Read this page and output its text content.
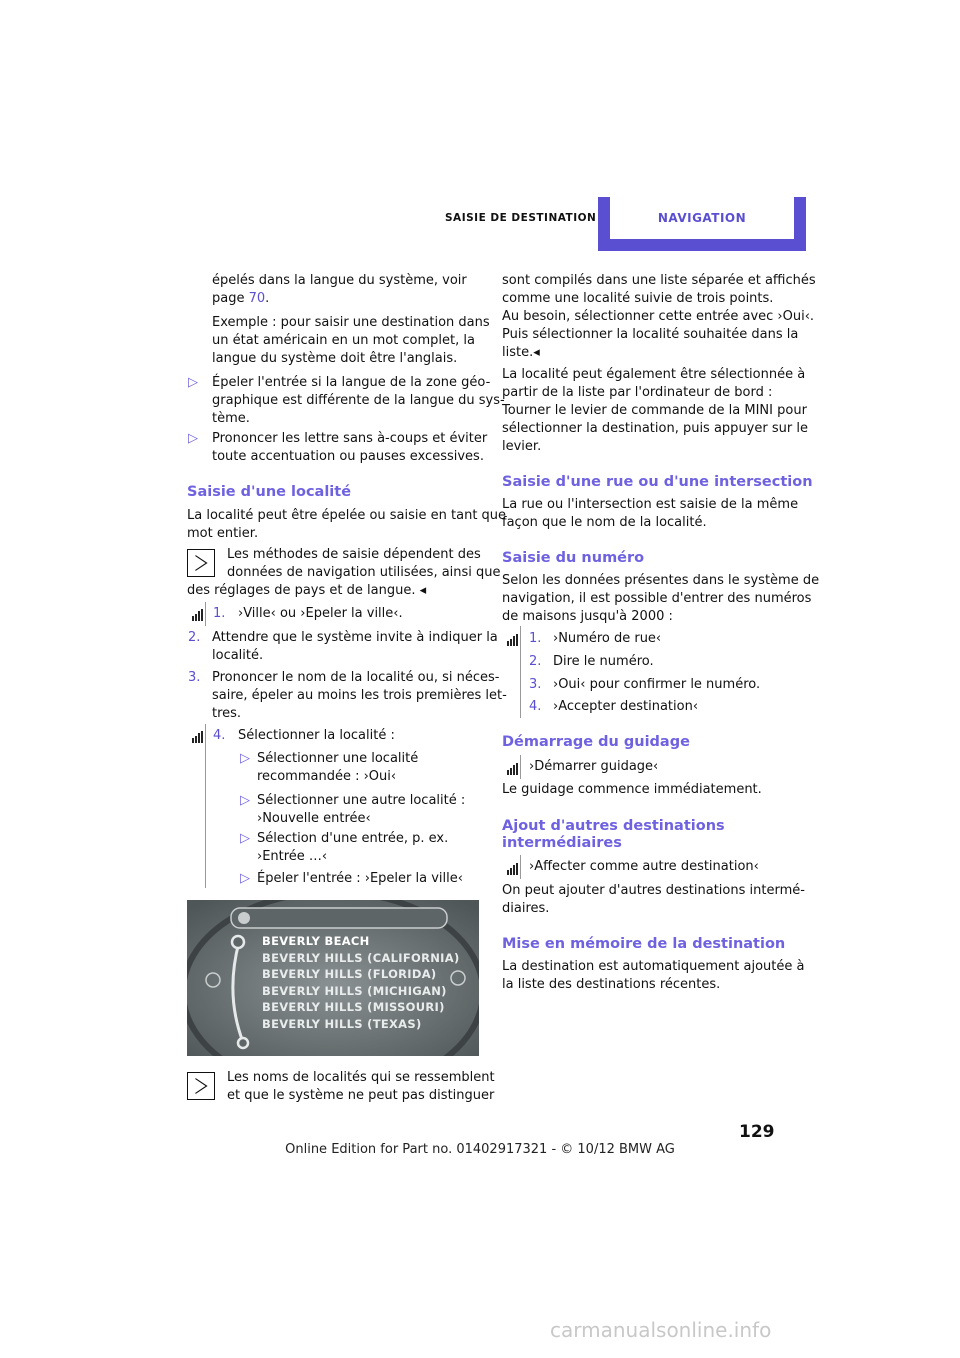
SAISIE DE DESTINATION	NAVIGATION
épelés dans la langue du système, voir
page 70.
Exemple : pour saisir une destination dans
un état américain en un mot complet, la
langue du système doit être l'anglais.
▷ Épeler l'entrée si la langue de la zone géo-
graphique est différente de la langue du sys-
tème.
▷ Prononcer les lettre sans à-coups et éviter
toute accentuation ou pauses excessives.
Saisie d'une localité
La localité peut être épelée ou saisie en tant que
mot entier.
Les méthodes de saisie dépendent des
données de navigation utilisées, ainsi que
des réglages de pays et de langue. ◂
1. ›Ville‹ ou ›Epeler la ville‹.
2. Attendre que le système invite à indiquer la
localité.
3. Prononcer le nom de la localité ou, si néces-
saire, épeler au moins les trois premières let-
tres.
4. Sélectionner la localité :
▷ Sélectionner une localité
recommandée : ›Oui‹
▷ Sélectionner une autre localité :
›Nouvelle entrée‹
▷ Sélection d'une entrée, p. ex.
›Entrée …‹
▷ Épeler l'entrée : ›Epeler la ville‹
BEVERLY BEACH
BEVERLY HILLS (CALIFORNIA)
BEVERLY HILLS (FLORIDA)
BEVERLY HILLS (MICHIGAN)
BEVERLY HILLS (MISSOURI)
BEVERLY HILLS (TEXAS)
Les noms de localités qui se ressemblent
et que le système ne peut pas distinguer
sont compilés dans une liste séparée et affichés
comme une localité suivie de trois points.
Au besoin, sélectionner cette entrée avec ›Oui‹.
Puis sélectionner la localité souhaitée dans la
liste.◂
La localité peut également être sélectionnée à
partir de la liste par l'ordinateur de bord :
Tourner le levier de commande de la MINI pour
sélectionner la destination, puis appuyer sur le
levier.
Saisie d'une rue ou d'une intersection
La rue ou l'intersection est saisie de la même
façon que le nom de la localité.
Saisie du numéro
Selon les données présentes dans le système de
navigation, il est possible d'entrer des numéros
de maisons jusqu'à 2000 :
1. ›Numéro de rue‹
2. Dire le numéro.
3. ›Oui‹ pour confirmer le numéro.
4. ›Accepter destination‹
Démarrage du guidage
›Démarrer guidage‹
Le guidage commence immédiatement.
Ajout d'autres destinations
intermédiaires
›Affecter comme autre destination‹
On peut ajouter d'autres destinations intermé-
diaires.
Mise en mémoire de la destination
La destination est automatiquement ajoutée à
la liste des destinations récentes.
129
Online Edition for Part no. 01402917321 - © 10/12 BMW AG
carmanualsonline.info
